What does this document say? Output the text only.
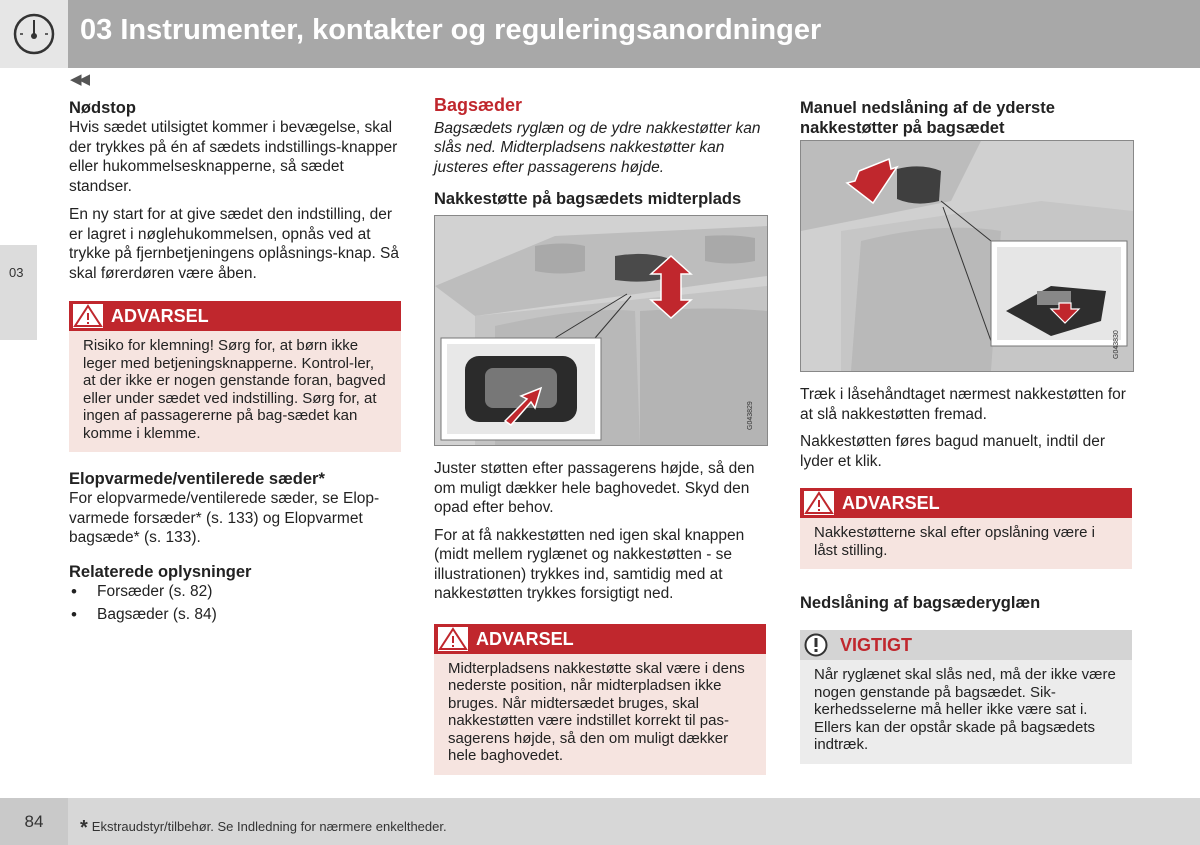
03 Instrumenter, kontakter og reguleringsanordninger
◀◀
03

Nødstop

Hvis sædet utilsigtet kommer i bevægelse, skal der trykkes på én af sædets indstillings-knapper eller hukommelsesknapperne, så sædet standser.

En ny start for at give sædet den indstilling, der er lagret i nøglehukommelsen, opnås ved at trykke på fjernbetjeningens oplåsnings-knap. Så skal førerdøren være åben.

ADVARSEL
Risiko for klemning! Sørg for, at børn ikke leger med betjeningsknapperne. Kontrol-ler, at der ikke er nogen genstande foran, bagved eller under sædet ved indstilling. Sørg for, at ingen af passagererne på bag-sædet kan komme i klemme.

Elopvarmede/ventilerede sæder*

For elopvarmede/ventilerede sæder, se Elop-varmede forsæder* (s. 133) og Elopvarmet bagsæde* (s. 133).

Relaterede oplysninger

• Forsæder (s. 82)
• Bagsæder (s. 84)

Bagsæder

Bagsædets ryglæn og de ydre nakkestøtter kan slås ned. Midterpladsens nakkestøtter kan justeres efter passagerens højde.

Nakkestøtte på bagsædets midterplads

G043829

Juster støtten efter passagerens højde, så den om muligt dækker hele baghovedet. Skyd den opad efter behov.

For at få nakkestøtten ned igen skal knappen (midt mellem ryglænet og nakkestøtten - se illustrationen) trykkes ind, samtidig med at nakkestøtten trykkes forsigtigt ned.

ADVARSEL
Midterpladsens nakkestøtte skal være i dens nederste position, når midterpladsen ikke bruges. Når midtersædet bruges, skal nakkestøtten være indstillet korrekt til pas-sagerens højde, så den om muligt dækker hele baghovedet.

Manuel nedslåning af de yderste nakkestøtter på bagsædet

G043830

Træk i låsehåndtaget nærmest nakkestøtten for at slå nakkestøtten fremad.

Nakkestøtten føres bagud manuelt, indtil der lyder et klik.

ADVARSEL
Nakkestøtterne skal efter opslåning være i låst stilling.

Nedslåning af bagsæderyglæn

VIGTIGT
Når ryglænet skal slås ned, må der ikke være nogen genstande på bagsædet. Sik-kerhedsselerne må heller ikke være sat i. Ellers kan der opstår skade på bagsædets indtræk.
84	* Ekstraudstyr/tilbehør. Se Indledning for nærmere enkeltheder.
